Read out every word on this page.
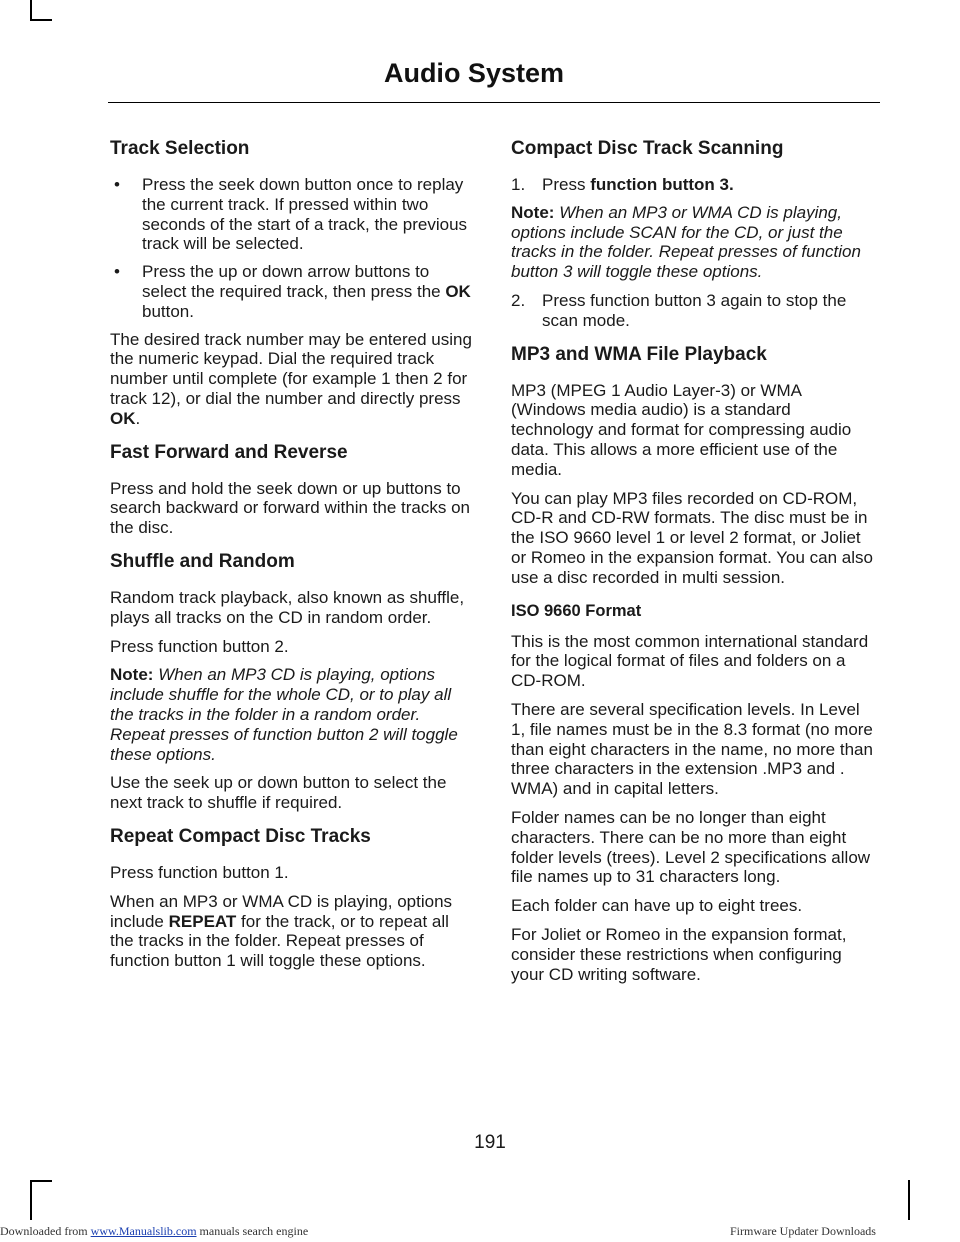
Audio System
Track Selection
• Press the seek down button once to replay the current track. If pressed within two seconds of the start of a track, the previous track will be selected.
• Press the up or down arrow buttons to select the required track, then press the OK button.

The desired track number may be entered using the numeric keypad. Dial the required track number until complete (for example 1 then 2 for track 12), or dial the number and directly press OK.

Fast Forward and Reverse

Press and hold the seek down or up buttons to search backward or forward within the tracks on the disc.

Shuffle and Random

Random track playback, also known as shuffle, plays all tracks on the CD in random order.

Press function button 2.

Note: When an MP3 CD is playing, options include shuffle for the whole CD, or to play all the tracks in the folder in a random order. Repeat presses of function button 2 will toggle these options.

Use the seek up or down button to select the next track to shuffle if required.

Repeat Compact Disc Tracks

Press function button 1.

When an MP3 or WMA CD is playing, options include REPEAT for the track, or to repeat all the tracks in the folder. Repeat presses of function button 1 will toggle these options.

Compact Disc Track Scanning
1. Press function button 3.

Note: When an MP3 or WMA CD is playing, options include SCAN for the CD, or just the tracks in the folder. Repeat presses of function button 3 will toggle these options.

2. Press function button 3 again to stop the scan mode.
MP3 and WMA File Playback

MP3 (MPEG 1 Audio Layer-3) or WMA (Windows media audio) is a standard technology and format for compressing audio data. This allows a more efficient use of the media.

You can play MP3 files recorded on CD-ROM, CD-R and CD-RW formats. The disc must be in the ISO 9660 level 1 or level 2 format, or Joliet or Romeo in the expansion format. You can also use a disc recorded in multi session.

ISO 9660 Format

This is the most common international standard for the logical format of files and folders on a CD-ROM.

There are several specification levels. In Level 1, file names must be in the 8.3 format (no more than eight characters in the name, no more than three characters in the extension .MP3 and . WMA) and in capital letters.

Folder names can be no longer than eight characters. There can be no more than eight folder levels (trees). Level 2 specifications allow file names up to 31 characters long.

Each folder can have up to eight trees.

For Joliet or Romeo in the expansion format, consider these restrictions when configuring your CD writing software.

191
Downloaded from www.Manualslib.com manuals search engine	Firmware Updater Downloads
